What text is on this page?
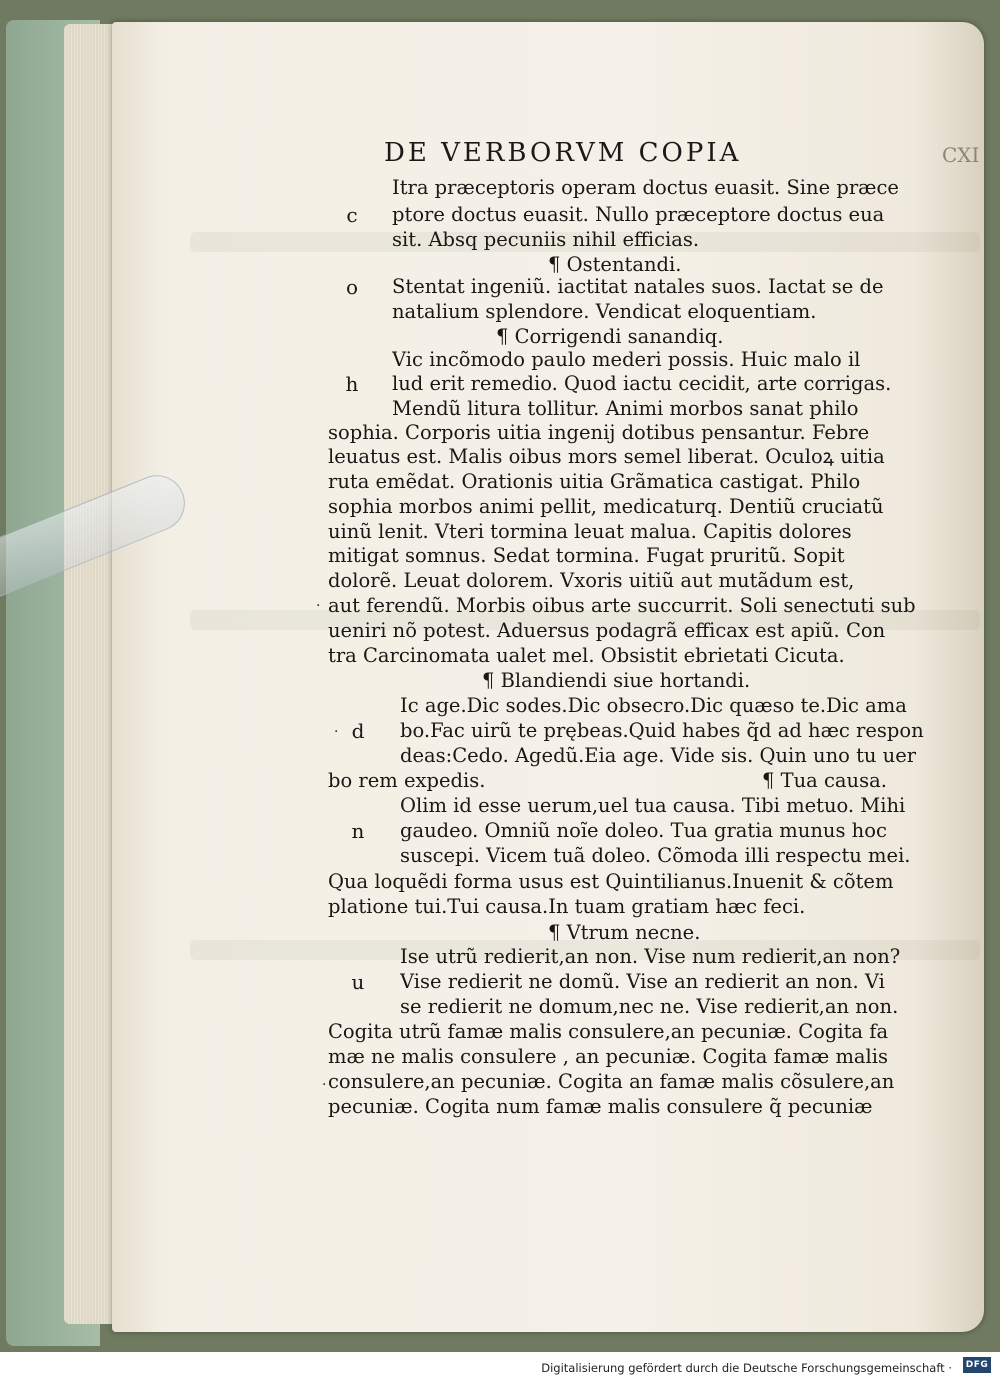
DE VERBORVM COPIA	CXI
Itra præceptoris operam doctus euasit. Sine præce
ptore doctus euasit. Nullo præceptore doctus eua
sit. Absq pecuniis nihil efficias.
¶ Ostentandi.
Stentat ingeniũ. iactitat natales suos. Iactat se de
natalium splendore. Vendicat eloquentiam.
¶ Corrigendi sanandiq.
Vic incõmodo paulo mederi possis. Huic malo il
lud erit remedio. Quod iactu cecidit, arte corrigas.
Mendũ litura tollitur. Animi morbos sanat philo
sophia. Corporis uitia ingenij dotibus pensantur. Febre
leuatus est. Malis oibus mors semel liberat. Oculoꝝ uitia
ruta emẽdat. Orationis uitia Grãmatica castigat. Philo
sophia morbos animi pellit, medicaturq. Dentiũ cruciatũ
uinũ lenit. Vteri tormina leuat malua. Capitis dolores
mitigat somnus. Sedat tormina. Fugat pruritũ. Sopit
dolorẽ. Leuat dolorem. Vxoris uitiũ aut mutãdum est,
aut ferendũ. Morbis oibus arte succurrit. Soli senectuti sub
ueniri nõ potest. Aduersus podagrã efficax est apiũ. Con
tra Carcinomata ualet mel. Obsistit ebrietati Cicuta.
¶ Blandiendi siue hortandi.
Ic age.Dic sodes.Dic obsecro.Dic quæso te.Dic ama
bo.Fac uirũ te prębeas.Quid habes q̃d ad hæc respon
deas:Cedo. Agedũ.Eia age. Vide sis. Quin uno tu uer
bo rem expedis.	¶ Tua causa.
Olim id esse uerum,uel tua causa. Tibi metuo. Mihi
gaudeo. Omniũ noĩe doleo. Tua gratia munus hoc
suscepi. Vicem tuã doleo. Cõmoda illi respectu mei.
Qua loquẽdi forma usus est Quintilianus.Inuenit & cõtem
platione tui.Tui causa.In tuam gratiam hæc feci.
¶ Vtrum necne.
Ise utrũ redierit,an non. Vise num redierit,an non?
Vise redierit ne domũ. Vise an redierit an non. Vi
se redierit ne domum,nec ne. Vise redierit,an non.
Cogita utrũ famæ malis consulere,an pecuniæ. Cogita fa
mæ ne malis consulere , an pecuniæ. Cogita famæ malis
consulere,an pecuniæ. Cogita an famæ malis cõsulere,an
pecuniæ. Cogita num famæ malis consulere q̃ pecuniæ
c
o
h
d
n
u
·
·
·
Digitalisierung gefördert durch die Deutsche Forschungsgemeinschaft ·	DFG
